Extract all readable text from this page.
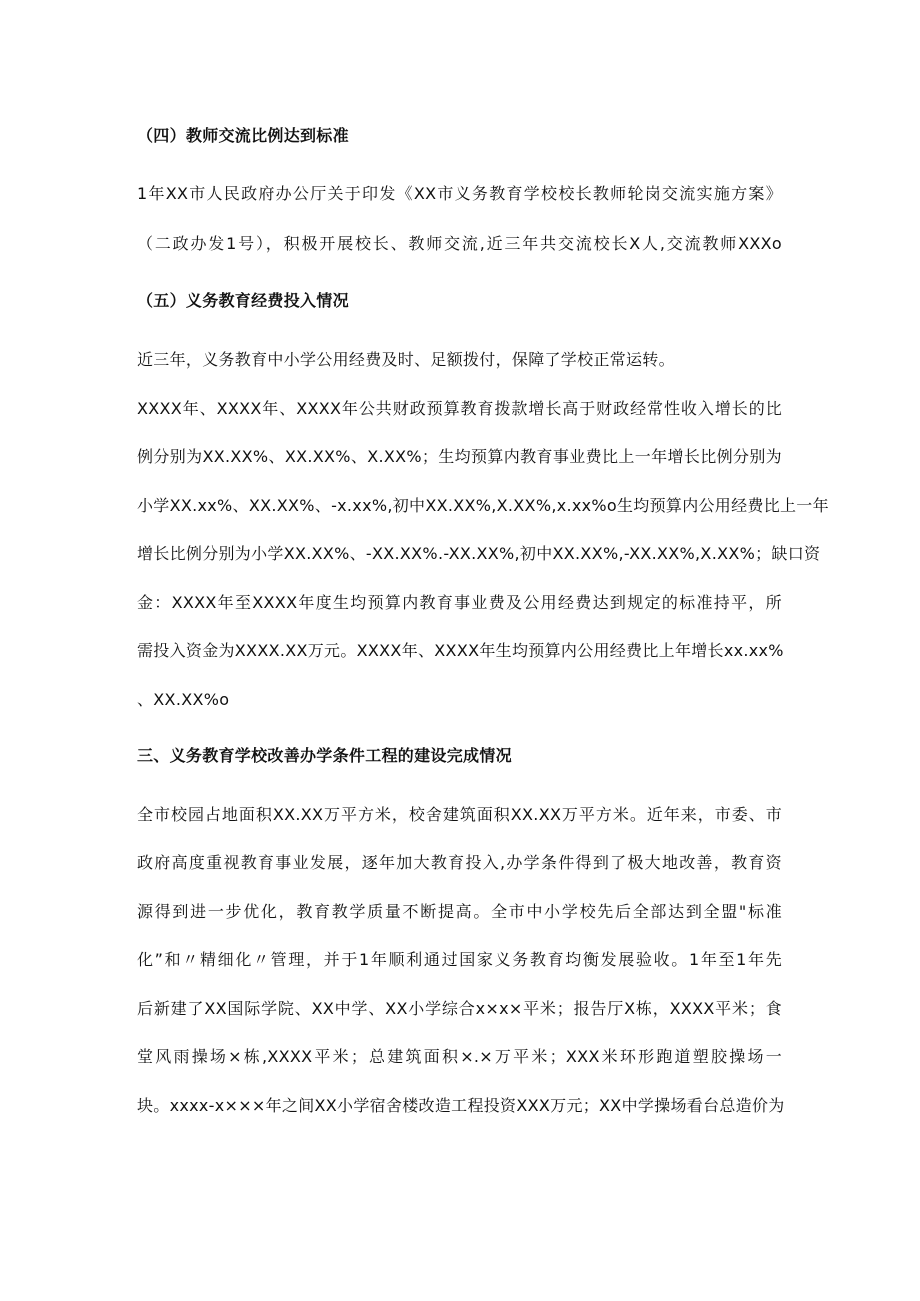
（四）教师交流比例达到标准

1年XX市人民政府办公厅关于印发《XX市义务教育学校校长教师轮岗交流实施方案》

（二政办发1号），积极开展校长、教师交流,近三年共交流校长X人,交流教师XXXo

（五）义务教育经费投入情况

近三年，义务教育中小学公用经费及时、足额拨付，保障了学校正常运转。

XXXX年、XXXX年、XXXX年公共财政预算教育拨款增长高于财政经常性收入增长的比

例分别为XX.XX%、XX.XX%、X.XX%；生均预算内教育事业费比上一年增长比例分别为

小学XX.xx%、XX.XX%、-x.xx%,初中XX.XX%,X.XX%,x.xx%o生均预算内公用经费比上一年

增长比例分别为小学XX.XX%、-XX.XX%.-XX.XX%,初中XX.XX%,-XX.XX%,X.XX%；缺口资

金：XXXX年至XXXX年度生均预算内教育事业费及公用经费达到规定的标准持平，所

需投入资金为XXXX.XX万元。XXXX年、XXXX年生均预算内公用经费比上年增长xx.xx%

、XX.XX%o

三、义务教育学校改善办学条件工程的建设完成情况

全市校园占地面积XX.XX万平方米，校舍建筑面积XX.XX万平方米。近年来，市委、市

政府高度重视教育事业发展，逐年加大教育投入,办学条件得到了极大地改善，教育资

源得到进一步优化，教育教学质量不断提高。全市中小学校先后全部达到全盟"标准

化”和〃精细化〃管理，并于1年顺利通过国家义务教育均衡发展验收。1年至1年先

后新建了XX国际学院、XX中学、XX小学综合x×x×平米；报告厅X栋，XXXX平米；食

堂风雨操场×栋,XXXX平米；总建筑面积×.×万平米；XXX米环形跑道塑胶操场一

块。xxxx-x×××年之间XX小学宿舍楼改造工程投资XXX万元；XX中学操场看台总造价为
